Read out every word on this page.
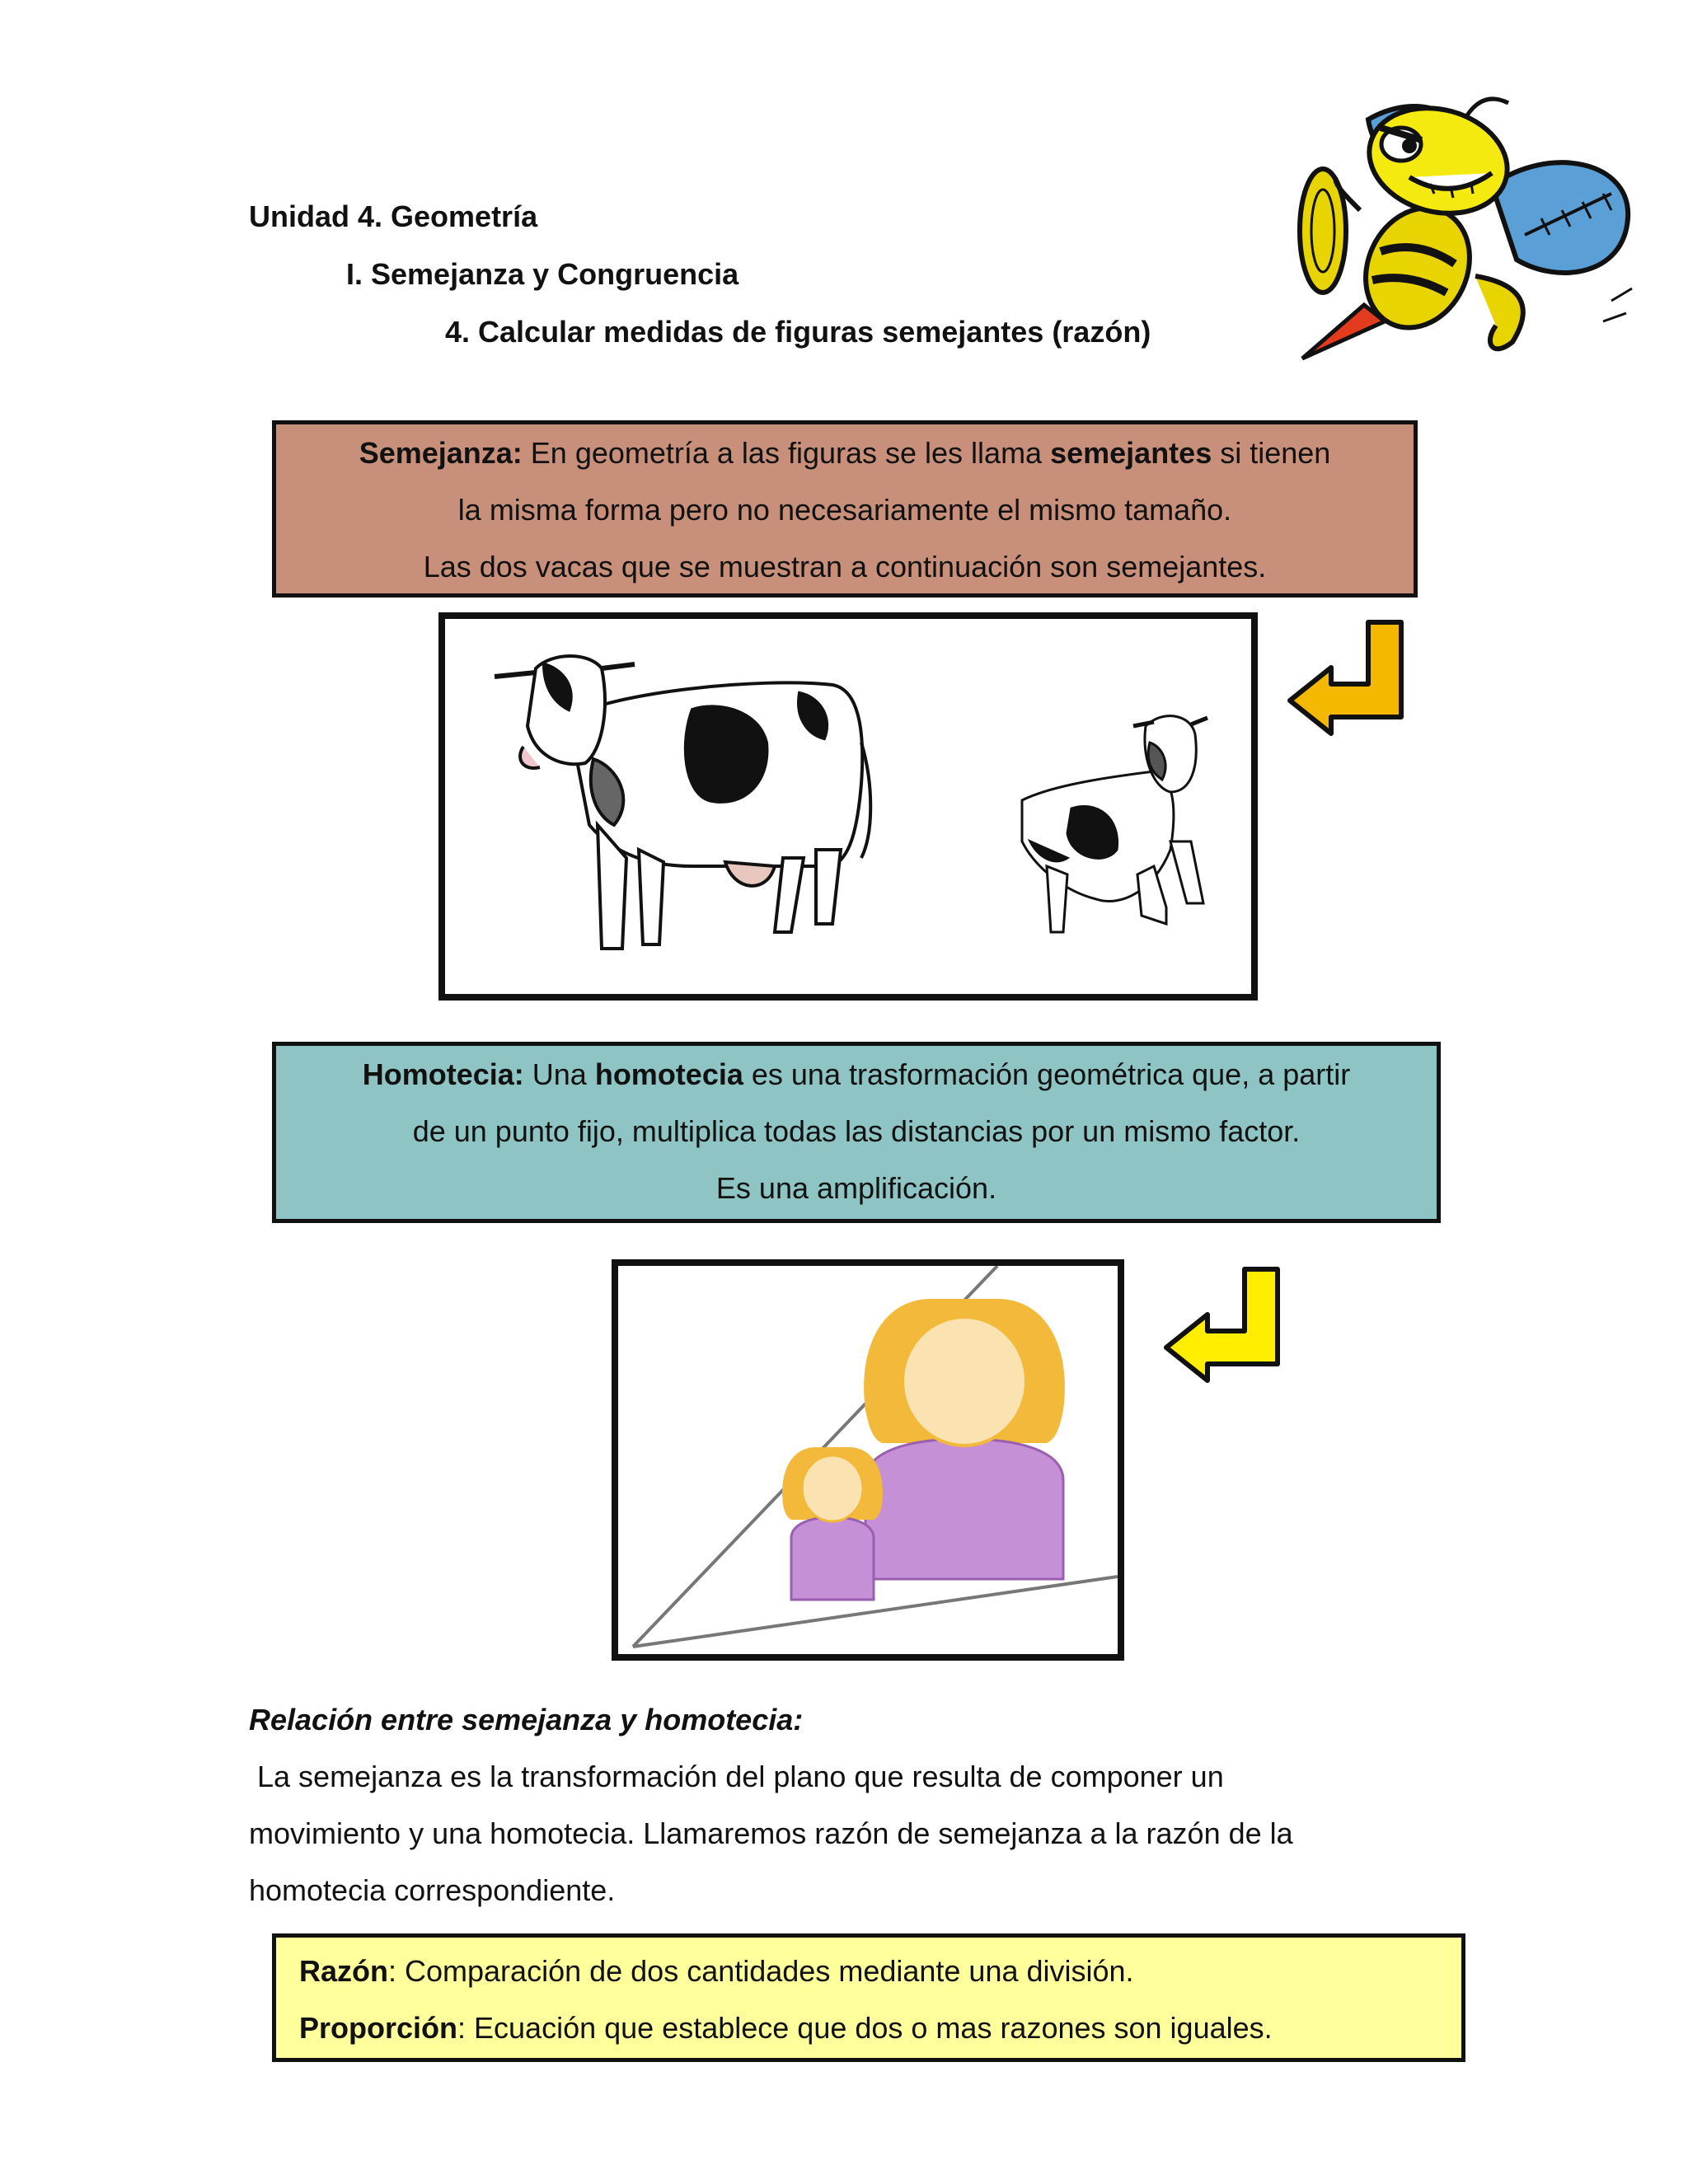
Unidad 4. Geometría
I. Semejanza y Congruencia
4. Calcular medidas de figuras semejantes (razón)

Semejanza: En geometría a las figuras se les llama semejantes si tienen

la misma forma pero no necesariamente el mismo tamaño.

Las dos vacas que se muestran a continuación son semejantes.

Homotecia: Una homotecia es una trasformación geométrica que, a partir

de un punto fijo, multiplica todas las distancias por un mismo factor.

Es una amplificación.

Relación entre semejanza y homotecia:

La semejanza es la transformación del plano que resulta de componer un

movimiento y una homotecia. Llamaremos razón de semejanza a la razón de la

homotecia correspondiente.

Razón: Comparación de dos cantidades mediante una división.

Proporción: Ecuación que establece que dos o mas razones son iguales.
